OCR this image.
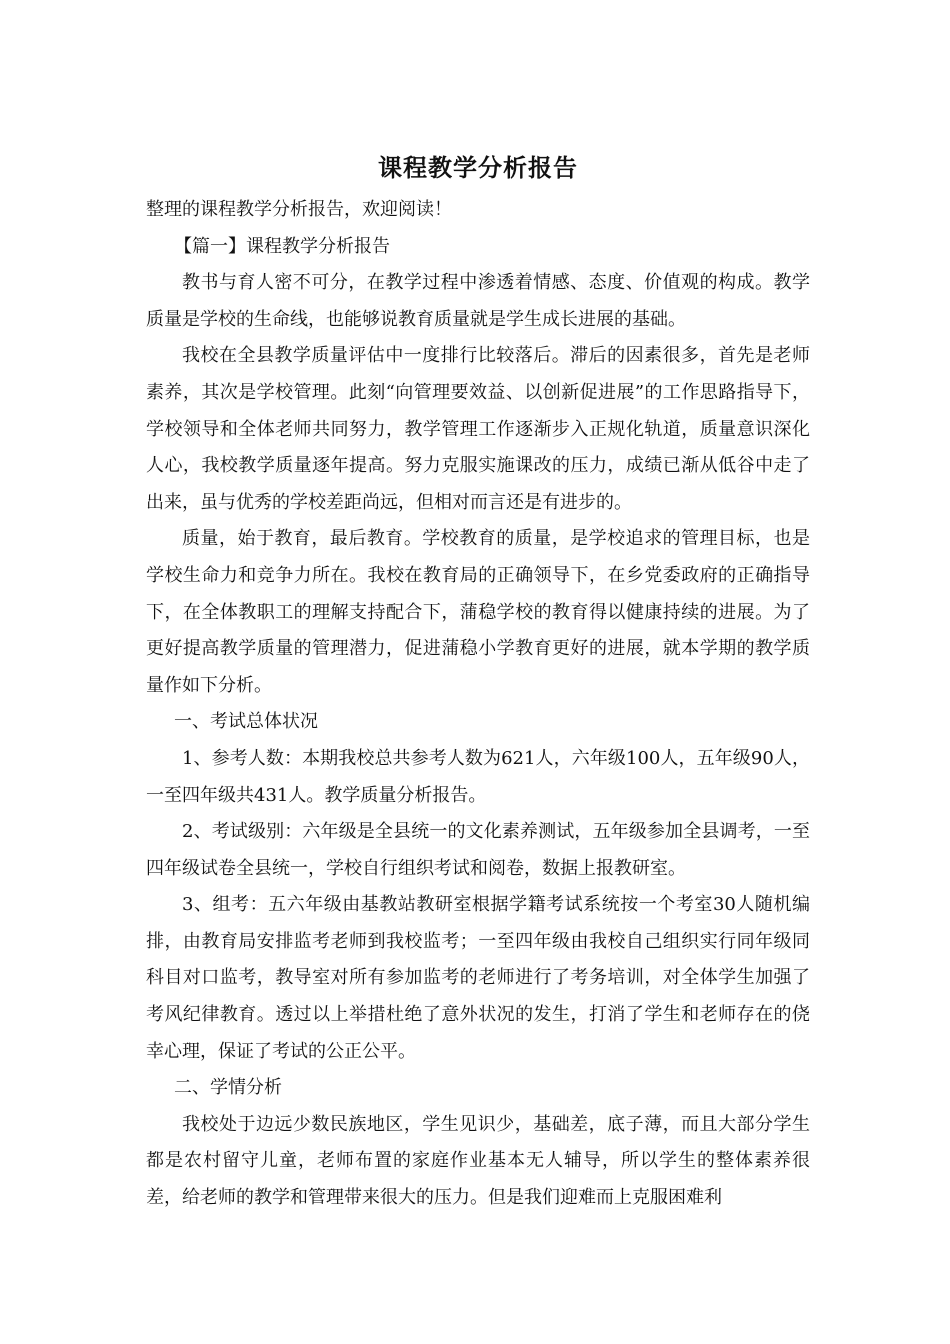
课程教学分析报告

整理的课程教学分析报告，欢迎阅读！

【篇一】课程教学分析报告

教书与育人密不可分，在教学过程中渗透着情感、态度、价值观的构成。教学质量是学校的生命线，也能够说教育质量就是学生成长进展的基础。

我校在全县教学质量评估中一度排行比较落后。滞后的因素很多，首先是老师素养，其次是学校管理。此刻“向管理要效益、以创新促进展”的工作思路指导下，学校领导和全体老师共同努力，教学管理工作逐渐步入正规化轨道，质量意识深化人心，我校教学质量逐年提高。努力克服实施课改的压力，成绩已渐从低谷中走了出来，虽与优秀的学校差距尚远，但相对而言还是有进步的。

质量，始于教育，最后教育。学校教育的质量，是学校追求的管理目标，也是学校生命力和竞争力所在。我校在教育局的正确领导下，在乡党委政府的正确指导下，在全体教职工的理解支持配合下，蒲稳学校的教育得以健康持续的进展。为了更好提高教学质量的管理潜力，促进蒲稳小学教育更好的进展，就本学期的教学质量作如下分析。

一、考试总体状况

1、参考人数：本期我校总共参考人数为621人，六年级100人，五年级90人，一至四年级共431人。教学质量分析报告。

2、考试级别：六年级是全县统一的文化素养测试，五年级参加全县调考，一至四年级试卷全县统一，学校自行组织考试和阅卷，数据上报教研室。

3、组考：五六年级由基教站教研室根据学籍考试系统按一个考室30人随机编排，由教育局安排监考老师到我校监考；一至四年级由我校自己组织实行同年级同科目对口监考，教导室对所有参加监考的老师进行了考务培训，对全体学生加强了考风纪律教育。透过以上举措杜绝了意外状况的发生，打消了学生和老师存在的侥幸心理，保证了考试的公正公平。

二、学情分析

我校处于边远少数民族地区，学生见识少，基础差，底子薄，而且大部分学生都是农村留守儿童，老师布置的家庭作业基本无人辅导，所以学生的整体素养很差，给老师的教学和管理带来很大的压力。但是我们迎难而上克服困难利
